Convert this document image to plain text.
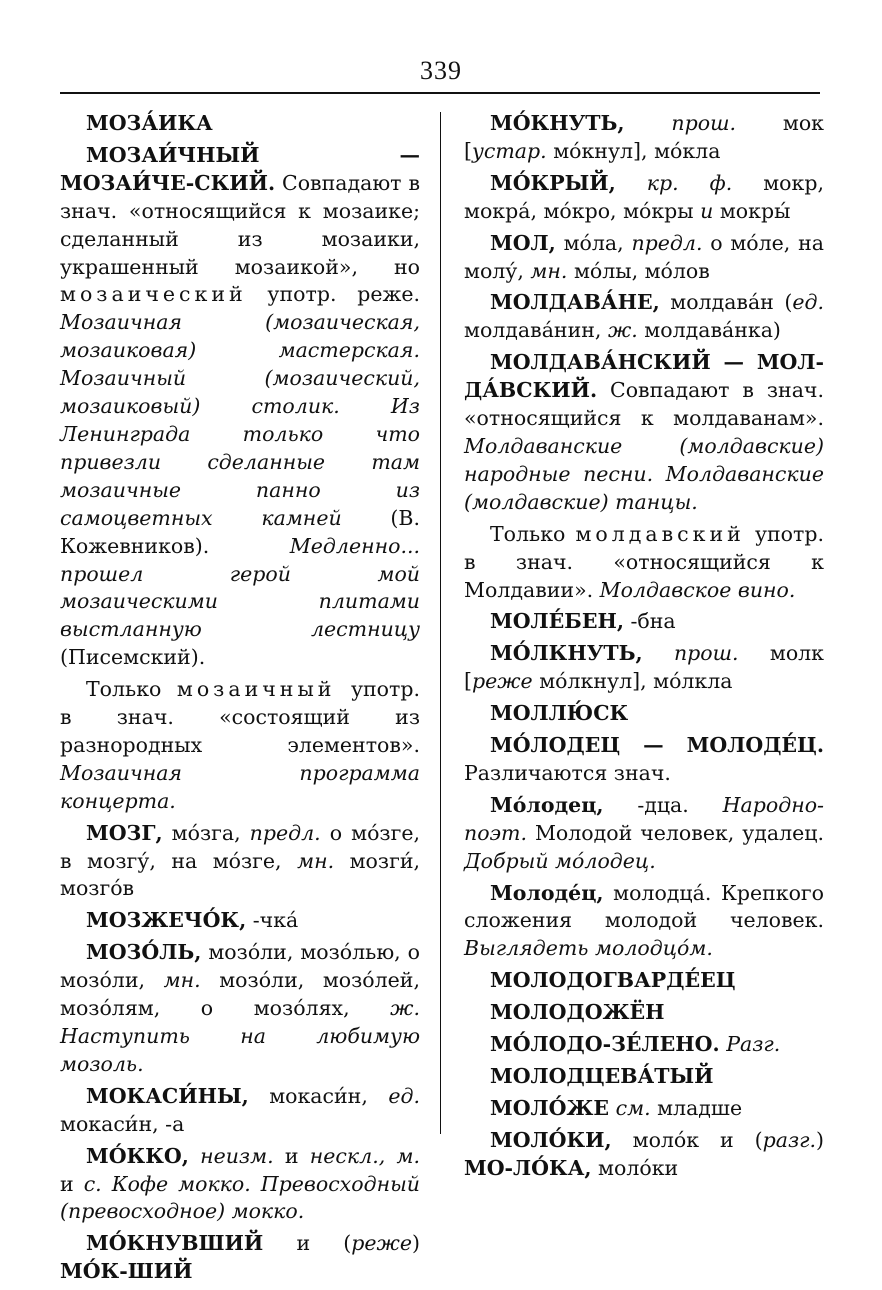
339

МОЗА́ИКА

МОЗАИ́ЧНЫЙ — МОЗАИ́ЧЕ-СКИЙ. Совпадают в знач. «относящийся к мозаике; сделанный из мозаики, украшенный мозаикой», но мозаический употр. реже. Мозаичная (мозаическая, мозаиковая) мастерская. Мозаичный (мозаический, мозаиковый) столик. Из Ленинграда только что привезли сделанные там мозаичные панно из самоцветных камней (В. Кожевников). Медленно... прошел герой мой мозаическими плитами выстланную лестницу (Писемский).

Только мозаичный употр. в знач. «состоящий из разнородных элементов». Мозаичная программа концерта.

МОЗГ, мо́зга, предл. о мо́зге, в мозгу́, на мо́зге, мн. мозги́, мозго́в

МОЗЖЕЧО́К, -чка́

МОЗО́ЛЬ, мозо́ли, мозо́лью, о мозо́ли, мн. мозо́ли, мозо́лей, мозо́лям, о мозо́лях, ж. Наступить на любимую мозоль.

МОКАСИ́НЫ, мокаси́н, ед. мокаси́н, -а

МО́ККО, неизм. и нескл., м. и с. Кофе мокко. Превосходный (превосходное) мокко.

МО́КНУВШИЙ и (реже) МО́К-ШИЙ

МО́КНУТЬ, прош. мок [устар. мо́кнул], мо́кла

МО́КРЫЙ, кр. ф. мокр, мокра́, мо́кро, мо́кры и мокры́

МОЛ, мо́ла, предл. о мо́ле, на молу́, мн. мо́лы, мо́лов

МОЛДАВА́НЕ, молдава́н (ед. молдава́нин, ж. молдава́нка)

МОЛДАВА́НСКИЙ — МОЛ-ДА́ВСКИЙ. Совпадают в знач. «относящийся к молдаванам». Молдаванские (молдавские) народные песни. Молдаванские (молдавские) танцы.

Только молдавский употр. в знач. «относящийся к Молдавии». Молдавское вино.

МОЛЕ́БЕН, -бна

МО́ЛКНУТЬ, прош. молк [реже мо́лкнул], мо́лкла

МОЛЛЮ́СК

МО́ЛОДЕЦ — МОЛОДЕ́Ц. Различаются знач.

Мо́лодец, -дца. Народно-поэт. Молодой человек, удалец. Добрый мо́лодец.

Молоде́ц, молодца́. Крепкого сложения молодой человек. Выглядеть молодцо́м.

МОЛОДОГВАРДЕ́ЕЦ

МОЛОДОЖЁН

МО́ЛОДО-ЗЕ́ЛЕНО. Разг.

МОЛОДЦЕВА́ТЫЙ

МОЛО́ЖЕ см. младше

МОЛО́КИ, моло́к и (разг.) МО-ЛО́КА, моло́ки
